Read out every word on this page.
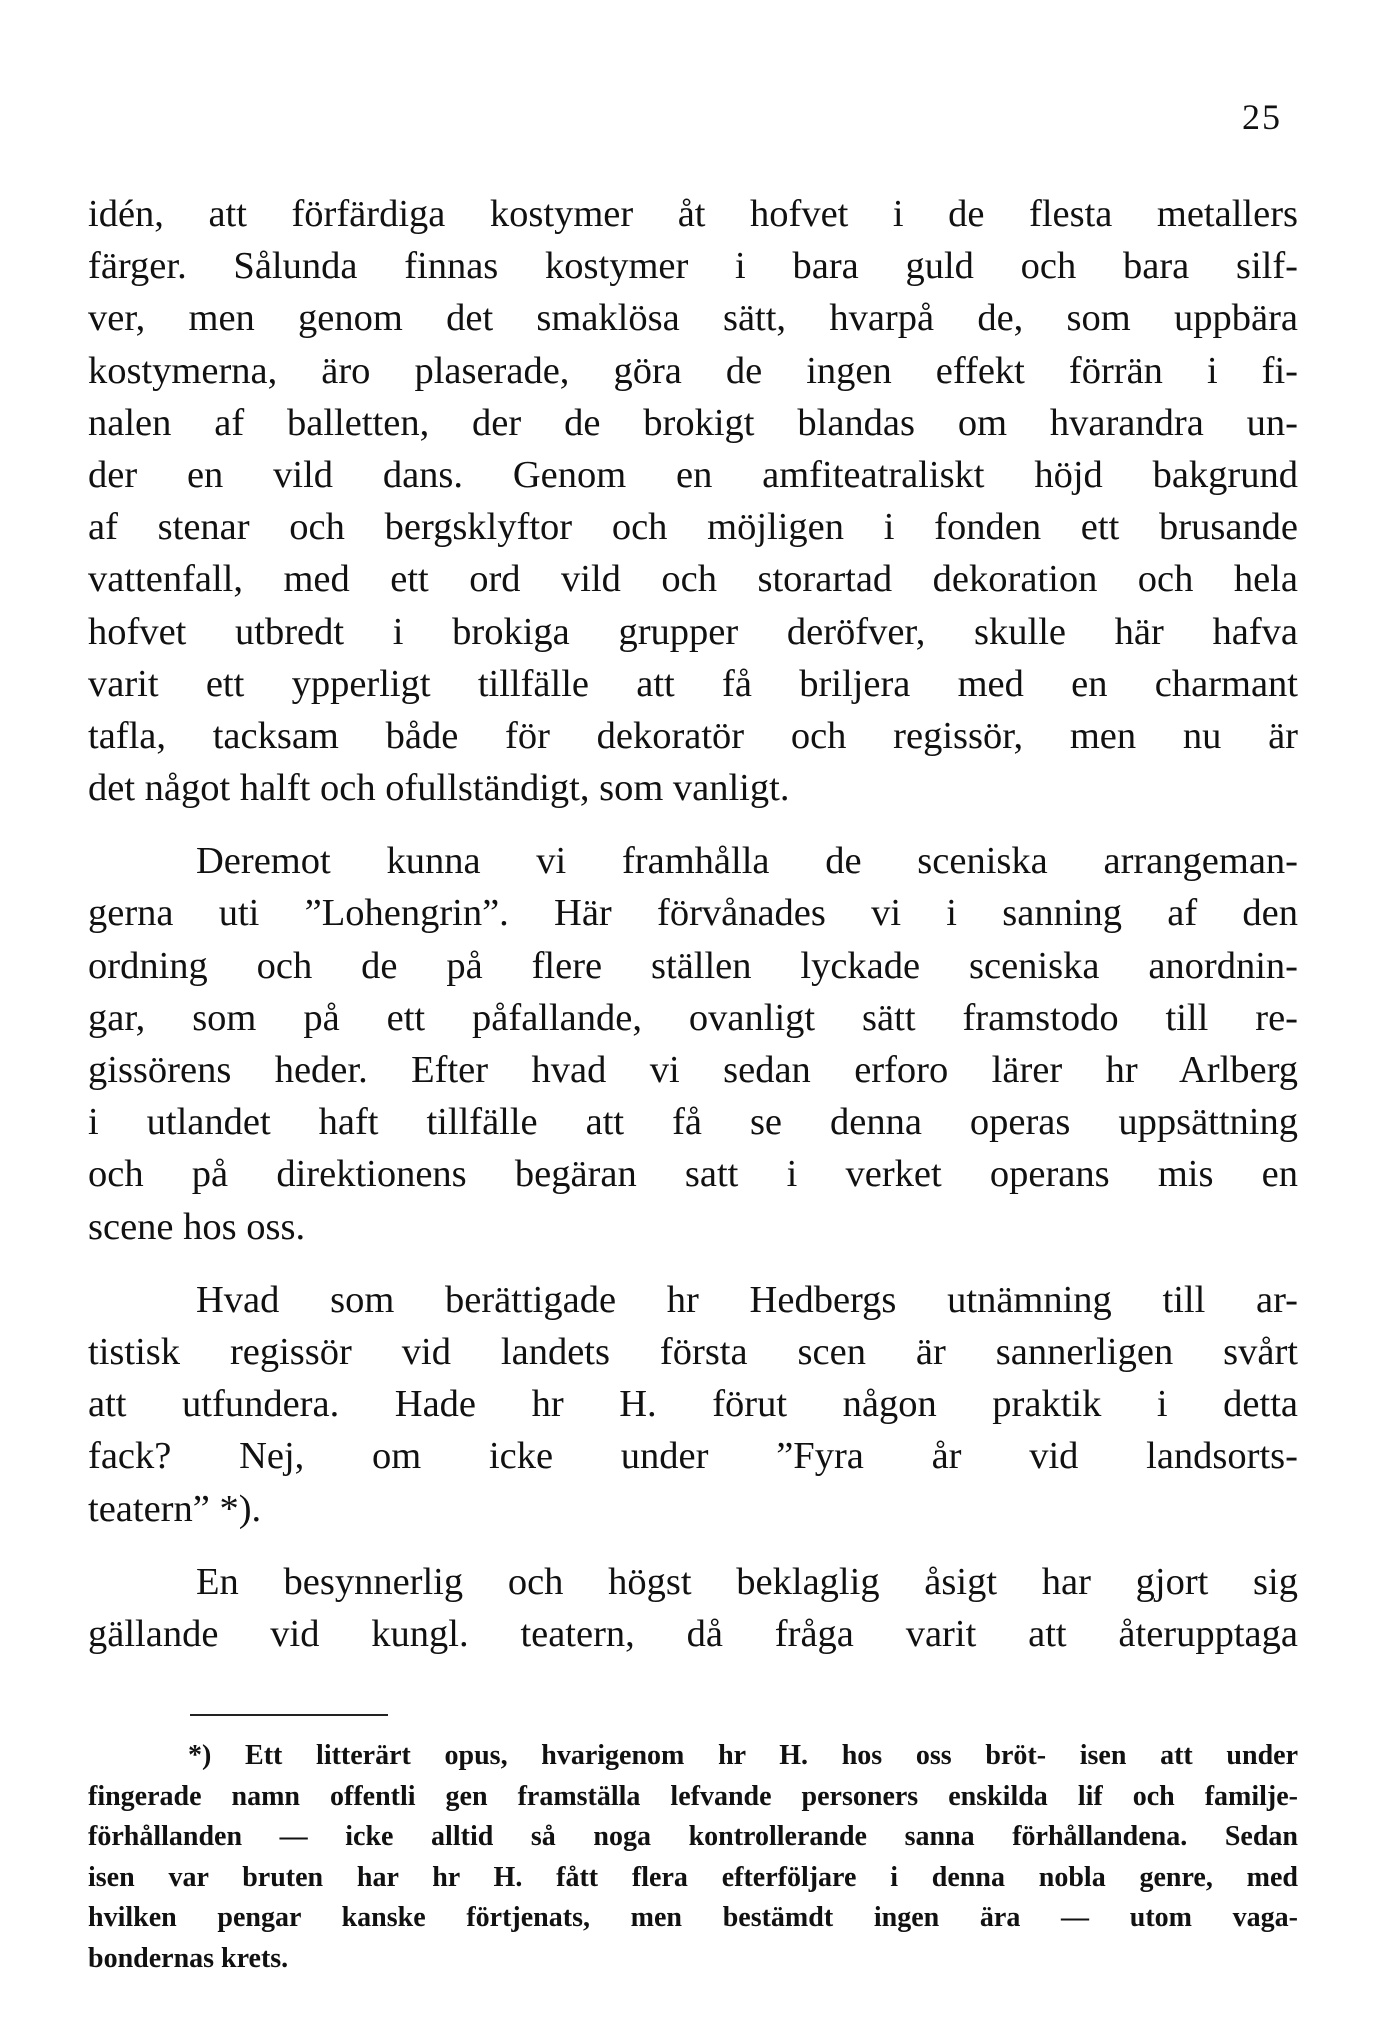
25
idén, att förfärdiga kostymer åt hofvet i de flesta metallers
färger. Sålunda finnas kostymer i bara guld och bara silf-
ver, men genom det smaklösa sätt, hvarpå de, som uppbära
kostymerna, äro plaserade, göra de ingen effekt förrän i fi-
nalen af balletten, der de brokigt blandas om hvarandra un-
der en vild dans. Genom en amfiteatraliskt höjd bakgrund
af stenar och bergsklyftor och möjligen i fonden ett brusande
vattenfall, med ett ord vild och storartad dekoration och hela
hofvet utbredt i brokiga grupper deröfver, skulle här hafva
varit ett ypperligt tillfälle att få briljera med en charmant
tafla, tacksam både för dekoratör och regissör, men nu är
det något halft och ofullständigt, som vanligt.
Deremot kunna vi framhålla de sceniska arrangeman-
gerna uti ”Lohengrin”. Här förvånades vi i sanning af den
ordning och de på flere ställen lyckade sceniska anordnin-
gar, som på ett påfallande, ovanligt sätt framstodo till re-
gissörens heder. Efter hvad vi sedan erforo lärer hr Arlberg
i utlandet haft tillfälle att få se denna operas uppsättning
och på direktionens begäran satt i verket operans mis en
scene hos oss.
Hvad som berättigade hr Hedbergs utnämning till ar-
tistisk regissör vid landets första scen är sannerligen svårt
att utfundera. Hade hr H. förut någon praktik i detta
fack? Nej, om icke under ”Fyra år vid landsorts-
teatern” *).
En besynnerlig och högst beklaglig åsigt har gjort sig
gällande vid kungl. teatern, då fråga varit att återupptaga
*) Ett litterärt opus, hvarigenom hr H. hos oss bröt- isen att under
fingerade namn offentli gen framställa lefvande personers enskilda lif och familje-
förhållanden — icke alltid så noga kontrollerande sanna förhållandena. Sedan
isen var bruten har hr H. fått flera efterföljare i denna nobla genre, med
hvilken pengar kanske förtjenats, men bestämdt ingen ära — utom vaga-
bondernas krets.
